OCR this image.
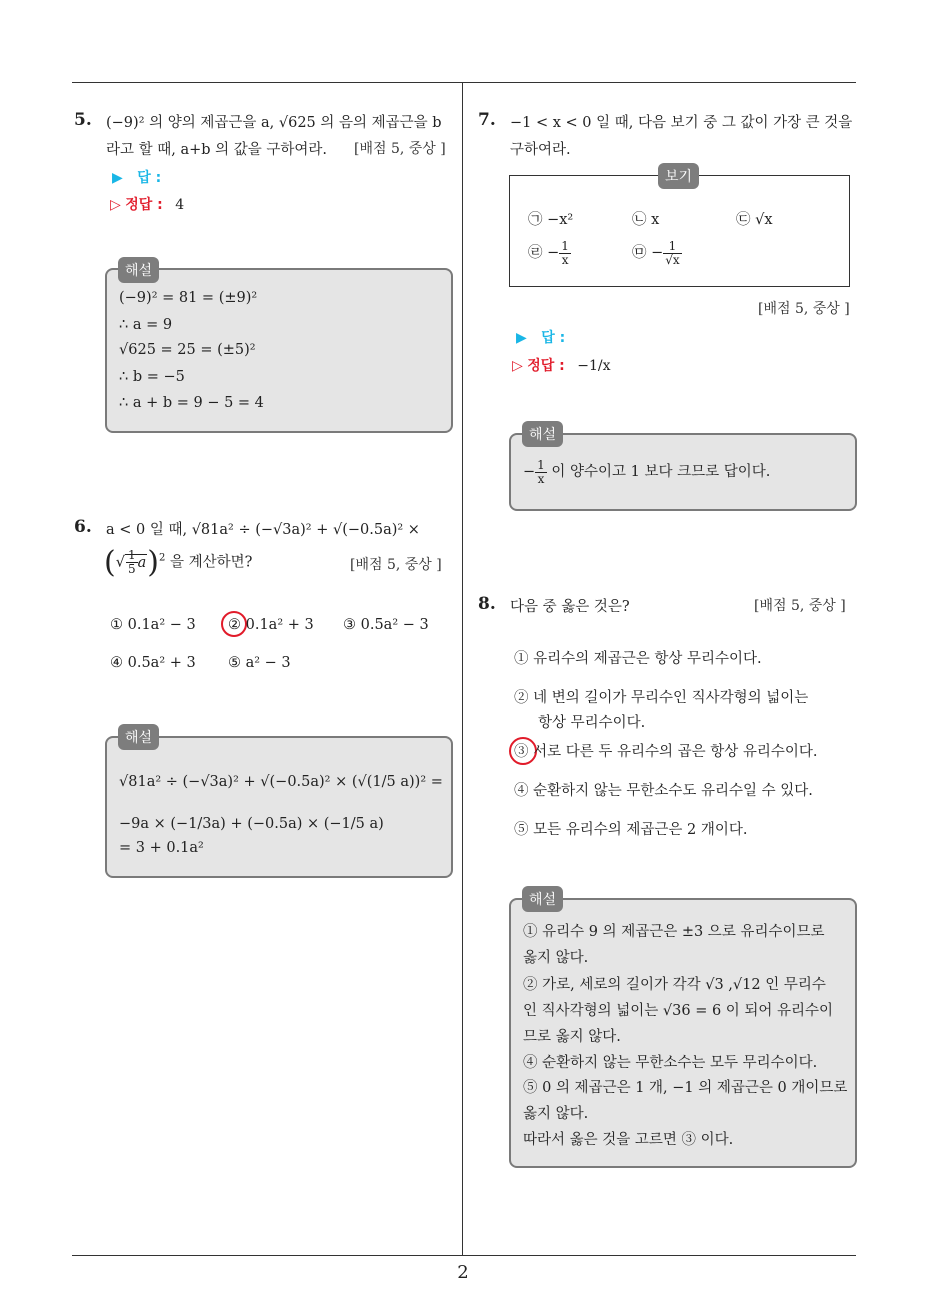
2
5. (−9)² 의 양의 제곱근을 a, √625 의 음의 제곱근을 b
라고 할 때, a+b 의 값을 구하여라. [배점 5, 중상 ]
▶ 답 :
▷ 정답 : 4
(−9)² = 81 = (±9)²
∴ a = 9
√625 = 25 = (±5)²
∴ b = −5
∴ a + b = 9 − 5 = 4
해설
6. a < 0 일 때, √81a² ÷ (−√3a)² + √(−0.5a)² ×
(√ $\frac{1}{5} a)^2$ 을 계산하면?	[배점 5, 중상 ]
① 0.1a² − 3 ② 0.1a² + 3 ③ 0.5a² − 3
④ 0.5a² + 3 ⑤ a² − 3
√81a² ÷ (−√3a)² + √(−0.5a)² × (√(1/5 a))² =
−9a × (−1/3a) + (−0.5a) × (−1/5 a)
= 3 + 0.1a²
해설
7. −1 < x < 0 일 때, 다음 보기 중 그 값이 가장 큰 것을
구하여라.
㉠ −x²	㉡ x	㉢ √x
㉣ − $\frac{1}{x}$	㉤ − $\frac{1}{√x}$
보기
[배점 5, 중상 ]
▶ 답 :
▷ 정답 : −1/x
− $\frac{1}{x}$ 이 양수이고 1 보다 크므로 답이다.
해설
8. 다음 중 옳은 것은?	[배점 5, 중상 ]
① 유리수의 제곱근은 항상 무리수이다.
② 네 변의 길이가 무리수인 직사각형의 넓이는
항상 무리수이다.
③ 서로 다른 두 유리수의 곱은 항상 유리수이다.
④ 순환하지 않는 무한소수도 유리수일 수 있다.
⑤ 모든 유리수의 제곱근은 2 개이다.
① 유리수 9 의 제곱근은 ±3 으로 유리수이므로
옳지 않다.
② 가로, 세로의 길이가 각각 √3 ,√12 인 무리수
인 직사각형의 넓이는 √36 = 6 이 되어 유리수이
므로 옳지 않다.
④ 순환하지 않는 무한소수는 모두 무리수이다.
⑤ 0 의 제곱근은 1 개, −1 의 제곱근은 0 개이므로
옳지 않다.
따라서 옳은 것을 고르면 ③ 이다.
해설
